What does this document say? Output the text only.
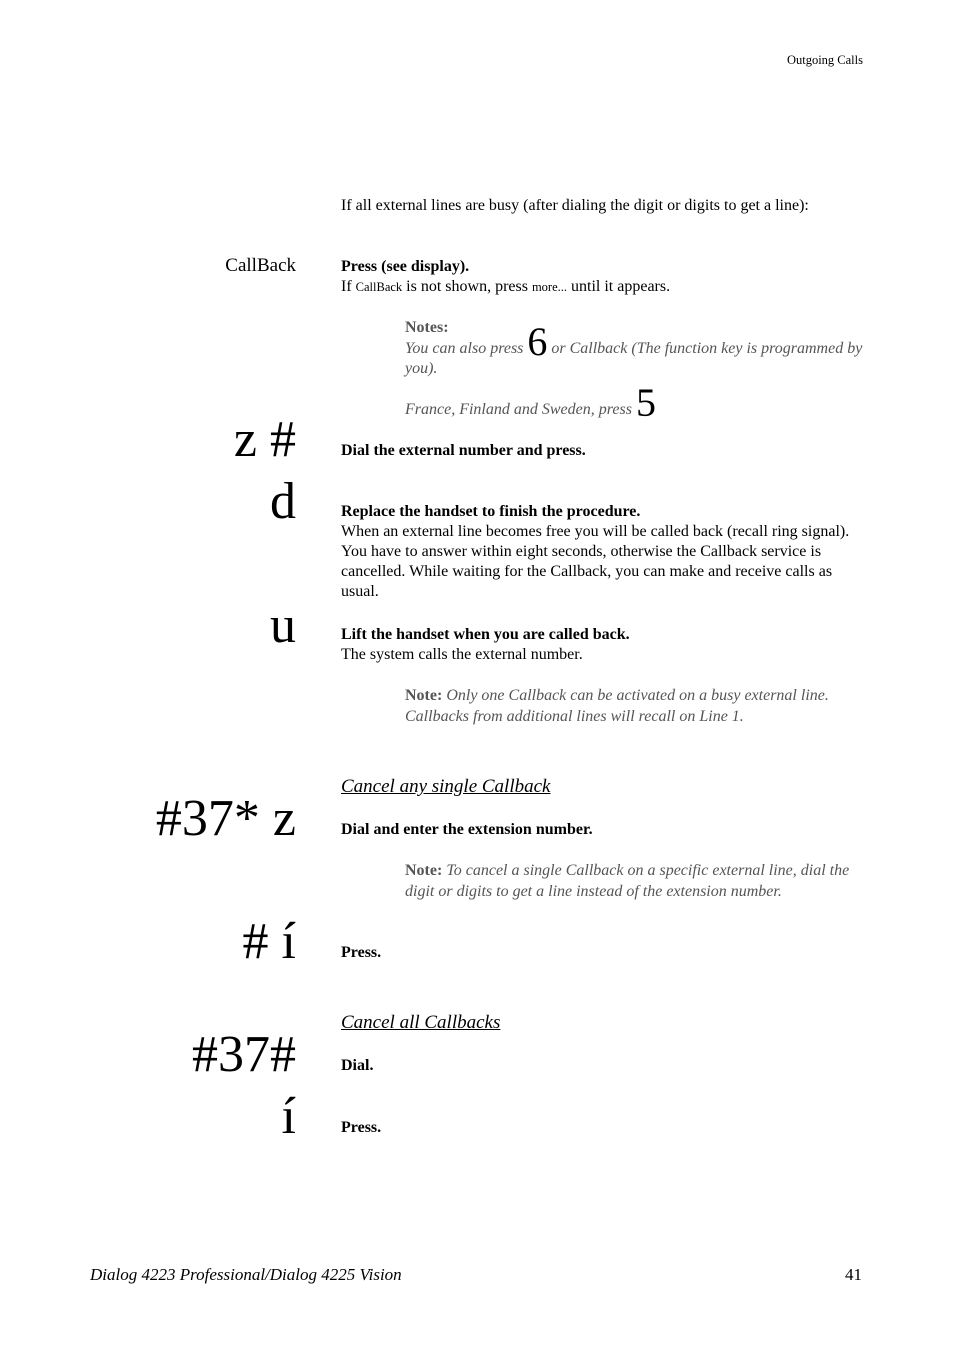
Outgoing Calls
If all external lines are busy (after dialing the digit or digits to get a line):
CallBack	Press (see display).
If CallBack is not shown, press more... until it appears.
Notes:
You can also press 6 or Callback (The function key is programmed by you).
France, Finland and Sweden, press 5
z #	Dial the external number and press.
d	Replace the handset to finish the procedure.
When an external line becomes free you will be called back (recall ring signal). You have to answer within eight seconds, otherwise the Callback service is cancelled. While waiting for the Callback, you can make and receive calls as usual.
u	Lift the handset when you are called back.
The system calls the external number.
Note: Only one Callback can be activated on a busy external line. Callbacks from additional lines will recall on Line 1.
Cancel any single Callback
#37* z	Dial and enter the extension number.
Note: To cancel a single Callback on a specific external line, dial the digit or digits to get a line instead of the extension number.
# í	Press.
Cancel all Callbacks
#37#	Dial.
í	Press.
Dialog 4223 Professional/Dialog 4225 Vision	41
